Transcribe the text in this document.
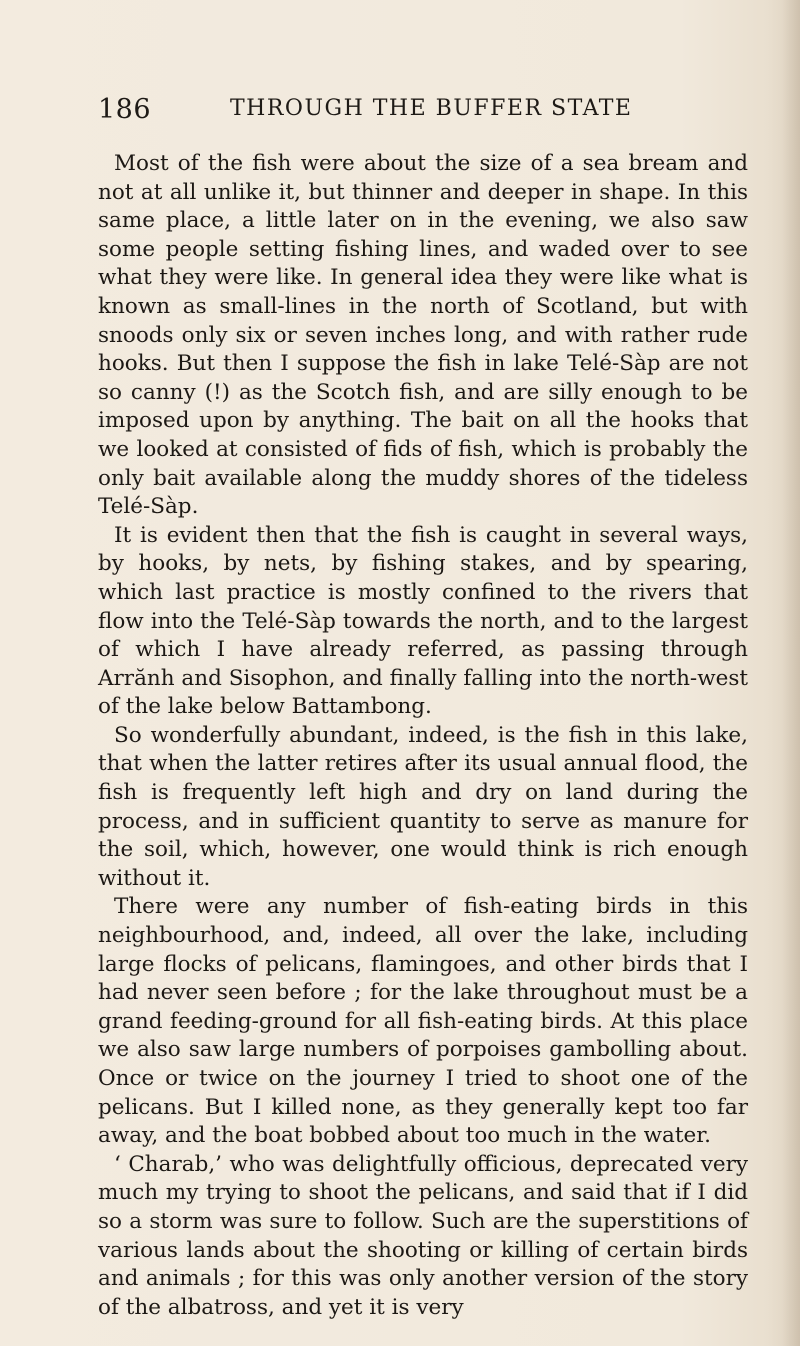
186	THROUGH THE BUFFER STATE

Most of the fish were about the size of a sea bream and not at all unlike it, but thinner and deeper in shape. In this same place, a little later on in the evening, we also saw some people setting fishing lines, and waded over to see what they were like. In general idea they were like what is known as small-lines in the north of Scotland, but with snoods only six or seven inches long, and with rather rude hooks. But then I suppose the fish in lake Telé-Sàp are not so canny (!) as the Scotch fish, and are silly enough to be imposed upon by anything. The bait on all the hooks that we looked at consisted of fids of fish, which is probably the only bait available along the muddy shores of the tideless Telé-Sàp.

It is evident then that the fish is caught in several ways, by hooks, by nets, by fishing stakes, and by spearing, which last practice is mostly confined to the rivers that flow into the Telé-Sàp towards the north, and to the largest of which I have already referred, as passing through Arrănh and Sisophon, and finally falling into the north-west of the lake below Battambong.

So wonderfully abundant, indeed, is the fish in this lake, that when the latter retires after its usual annual flood, the fish is frequently left high and dry on land during the process, and in sufficient quantity to serve as manure for the soil, which, however, one would think is rich enough without it.

There were any number of fish-eating birds in this neighbourhood, and, indeed, all over the lake, including large flocks of pelicans, flamingoes, and other birds that I had never seen before ; for the lake throughout must be a grand feeding-ground for all fish-eating birds. At this place we also saw large numbers of porpoises gambolling about. Once or twice on the journey I tried to shoot one of the pelicans. But I killed none, as they generally kept too far away, and the boat bobbed about too much in the water.

‘ Charab,’ who was delightfully officious, deprecated very much my trying to shoot the pelicans, and said that if I did so a storm was sure to follow. Such are the superstitions of various lands about the shooting or killing of certain birds and animals ; for this was only another version of the story of the albatross, and yet it is very
